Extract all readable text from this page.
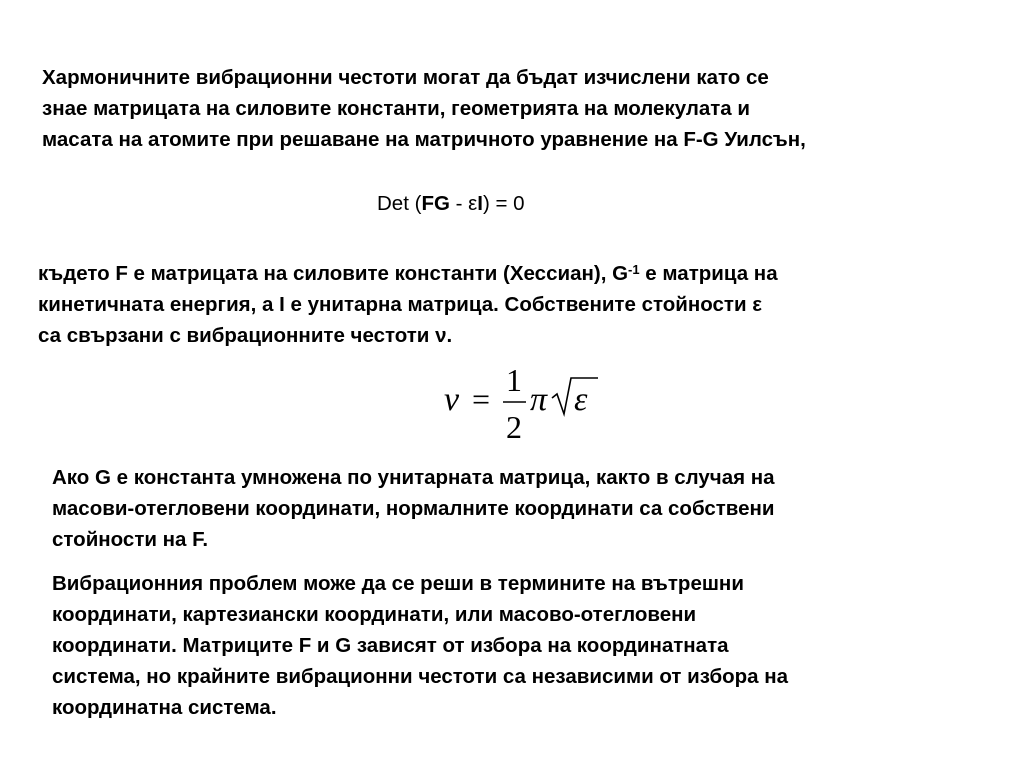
Хармоничните вибрационни честоти могат да бъдат изчислени като се
знае матрицата на силовите константи, геометрията на молекулата и
масата на атомите при решаване на матричното уравнение на F-G Уилсън,
Det (FG - εI) = 0
където F е матрицата на силовите константи (Хессиан), $G^{-1}$ е матрица на
кинетичната енергия, а I е унитарна матрица. Собствените стойности ε
са свързани с вибрационните честоти ν.
ν =
1
2
π ε
Ако G е константа умножена по унитарната матрица, както в случая на
масови-отегловени координати, нормалните координати са собствени
стойности на F.
Вибрационния проблем може да се реши в термините на вътрешни
координати, картезиански координати, или масово-отегловени
координати. Матриците F и G зависят от избора на координатната
система, но крайните вибрационни честоти са независими от избора на
координатна система.
